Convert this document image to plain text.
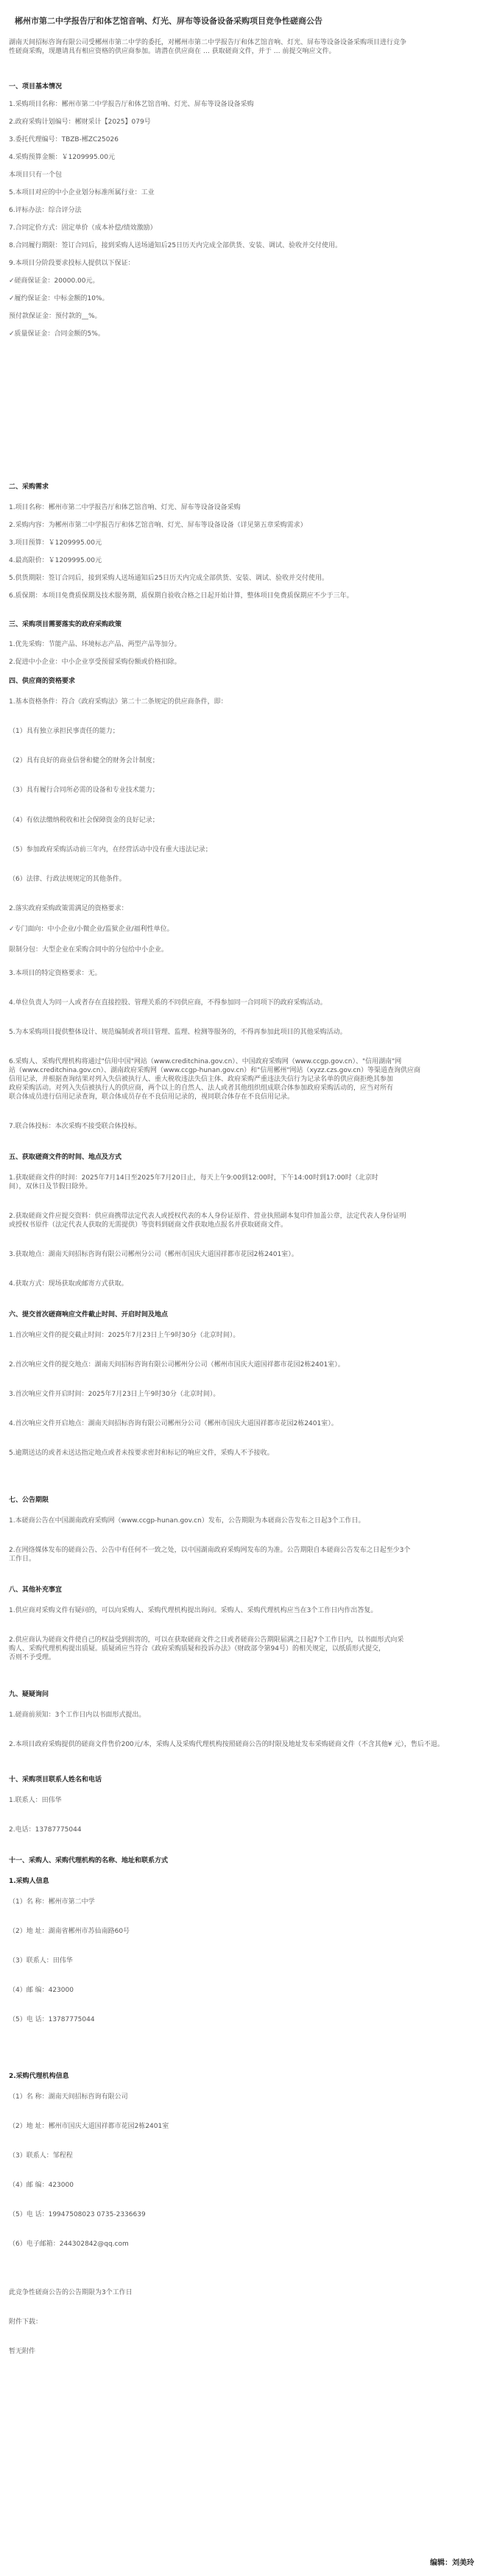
郴州市第二中学报告厅和体艺馆音响、灯光、屏布等设备设备采购项目竞争性磋商公告
湖南天间招标咨询有限公司受郴州市第二中学的委托，对郴州市第二中学报告厅和体艺馆音响、灯光、屏布等设备设备采购项目进行竞争
性磋商采购，现邀请具有相应资格的供应商参加。请潜在供应商在 … 获取磋商文件，并于 … 前提交响应文件。
一、项目基本情况
1.采购项目名称：郴州市第二中学报告厅和体艺馆音响、灯光、屏布等设备设备采购
2.政府采购计划编号：郴财采计【2025】079号
3.委托代理编号：TBZB-郴ZC25026
4.采购预算金额：￥1209995.00元
本项目只有一个包
5.本项目对应的中小企业划分标准所属行业：工业
6.评标办法：综合评分法
7.合同定价方式：固定单价（成本补偿/绩效激励）
8.合同履行期限：签订合同后，接到采购人送场通知后25日历天内完成全部供货、安装、调试、验收并交付使用。
9.本项目分阶段要求投标人提供以下保证：
✓磋商保证金：20000.00元。
✓履约保证金：中标金额的10%。
预付款保证金：预付款的__%。
✓质量保证金：合同金额的5%。
二、采购需求
1.项目名称：郴州市第二中学报告厅和体艺馆音响、灯光、屏布等设备设备采购
2.采购内容：为郴州市第二中学报告厅和体艺馆音响、灯光、屏布等设备设备（详见第五章采购需求）
3.项目预算：￥1209995.00元
4.最高限价：￥1209995.00元
5.供货期限：签订合同后，接到采购人送场通知后25日历天内完成全部供货、安装、调试、验收并交付使用。
6.质保期：本项目免费质保期及技术服务期，质保期自验收合格之日起开始计算，整体项目免费质保期应不少于三年。
三、采购项目需要落实的政府采购政策
1.优先采购：节能产品、环境标志产品、两型产品等加分。
2.促进中小企业：中小企业享受预留采购份额或价格扣除。
四、供应商的资格要求
1.基本资格条件：符合《政府采购法》第二十二条规定的供应商条件，即：
（1）具有独立承担民事责任的能力；
（2）具有良好的商业信誉和健全的财务会计制度；
（3）具有履行合同所必需的设备和专业技术能力；
（4）有依法缴纳税收和社会保障资金的良好记录；
（5）参加政府采购活动前三年内，在经营活动中没有重大违法记录；
（6）法律、行政法规规定的其他条件。
2.落实政府采购政策需满足的资格要求：
✓专门面向：中小企业/小微企业/监狱企业/福利性单位。
限制分包：大型企业在采购合同中的分包给中小企业。
3.本项目的特定资格要求：无。
4.单位负责人为同一人或者存在直接控股、管理关系的不同供应商，不得参加同一合同项下的政府采购活动。
5.为本采购项目提供整体设计、规范编制或者项目管理、监理、检测等服务的，不得再参加此项目的其他采购活动。
6.采购人、采购代理机构将通过"信用中国"网站（www.creditchina.gov.cn）、中国政府采购网（www.ccgp.gov.cn）、"信用湖南"网
站（www.creditchina.gov.cn）、湖南政府采购网（www.ccgp-hunan.gov.cn）和"信用郴州"网站（xyzz.czs.gov.cn）等渠道查询供应商
信用记录，并根据查询结果对列入失信被执行人、重大税收违法失信主体、政府采购严重违法失信行为记录名单的供应商拒绝其参加
政府采购活动。对列入失信被执行人的供应商，两个以上的自然人、法人或者其他组织组成联合体参加政府采购活动的，应当对所有
联合体成员进行信用记录查询，联合体成员存在不良信用记录的，视同联合体存在不良信用记录。
7.联合体投标：本次采购不接受联合体投标。
五、获取磋商文件的时间、地点及方式
1.获取磋商文件的时间：2025年7月14日至2025年7月20日止，每天上午9:00到12:00时，下午14:00时到17:00时（北京时
间），双休日及节假日除外。
2.获取磋商文件应提交资料：供应商携带法定代表人或授权代表的本人身份证原件、营业执照副本复印件加盖公章，法定代表人身份证明
或授权书原件（法定代表人获取的无需提供）等资料到磋商文件获取地点报名并获取磋商文件。
3.获取地点：湖南天间招标咨询有限公司郴州分公司（郴州市国庆大道国祥都市花园2栋2401室）。
4.获取方式：现场获取或邮寄方式获取。
六、提交首次磋商响应文件截止时间、开启时间及地点
1.首次响应文件的提交截止时间：2025年7月23日上午9时30分（北京时间）。
2.首次响应文件的提交地点：湖南天间招标咨询有限公司郴州分公司（郴州市国庆大道国祥都市花园2栋2401室）。
3.首次响应文件开启时间：2025年7月23日上午9时30分（北京时间）。
4.首次响应文件开启地点：湖南天间招标咨询有限公司郴州分公司（郴州市国庆大道国祥都市花园2栋2401室）。
5.逾期送达的或者未送达指定地点或者未按要求密封和标记的响应文件，采购人不予接收。
七、公告期限
1.本磋商公告在中国湖南政府采购网（www.ccgp-hunan.gov.cn）发布，公告期限为本磋商公告发布之日起3个工作日。
2.在网络媒体发布的磋商公告、公告中有任何不一致之处，以中国湖南政府采购网发布的为准。公告期限自本磋商公告发布之日起至少3个
工作日。
八、其他补充事宜
1.供应商对采购文件有疑问的，可以向采购人、采购代理机构提出询问。采购人、采购代理机构应当在3个工作日内作出答复。
2.供应商认为磋商文件使自己的权益受到损害的，可以在获取磋商文件之日或者磋商公告期限届满之日起7个工作日内，以书面形式向采
购人、采购代理机构提出质疑。质疑函应当符合《政府采购质疑和投诉办法》（财政部令第94号）的相关规定，以纸质形式提交，
否则不予受理。
九、疑疑询问
1.磋商前须知：3个工作日内以书面形式提出。
2.本项目政府采购提供的磋商文件售价200元/本，采购人及采购代理机构按照磋商公告的时限及地址发布采购磋商文件（不含其他¥ 元），售后不退。
十、采购项目联系人姓名和电话
1.联系人：田伟华
2.电话：13787775044
十一、采购人、采购代理机构的名称、地址和联系方式
1.采购人信息
（1）名 称：郴州市第二中学
（2）地 址：湖南省郴州市苏仙南路60号
（3）联系人：田伟华
（4）邮 编：423000
（5）电 话：13787775044
2.采购代理机构信息
（1）名 称：湖南天间招标咨询有限公司
（2）地 址：郴州市国庆大道国祥都市花园2栋2401室
（3）联系人：邹程程
（4）邮 编：423000
（5）电 话：19947508023 0735-2336639
（6）电子邮箱：244302842@qq.com
此竞争性磋商公告的公告期限为3个工作日
附件下载：
暂无附件
编辑：刘美玲
